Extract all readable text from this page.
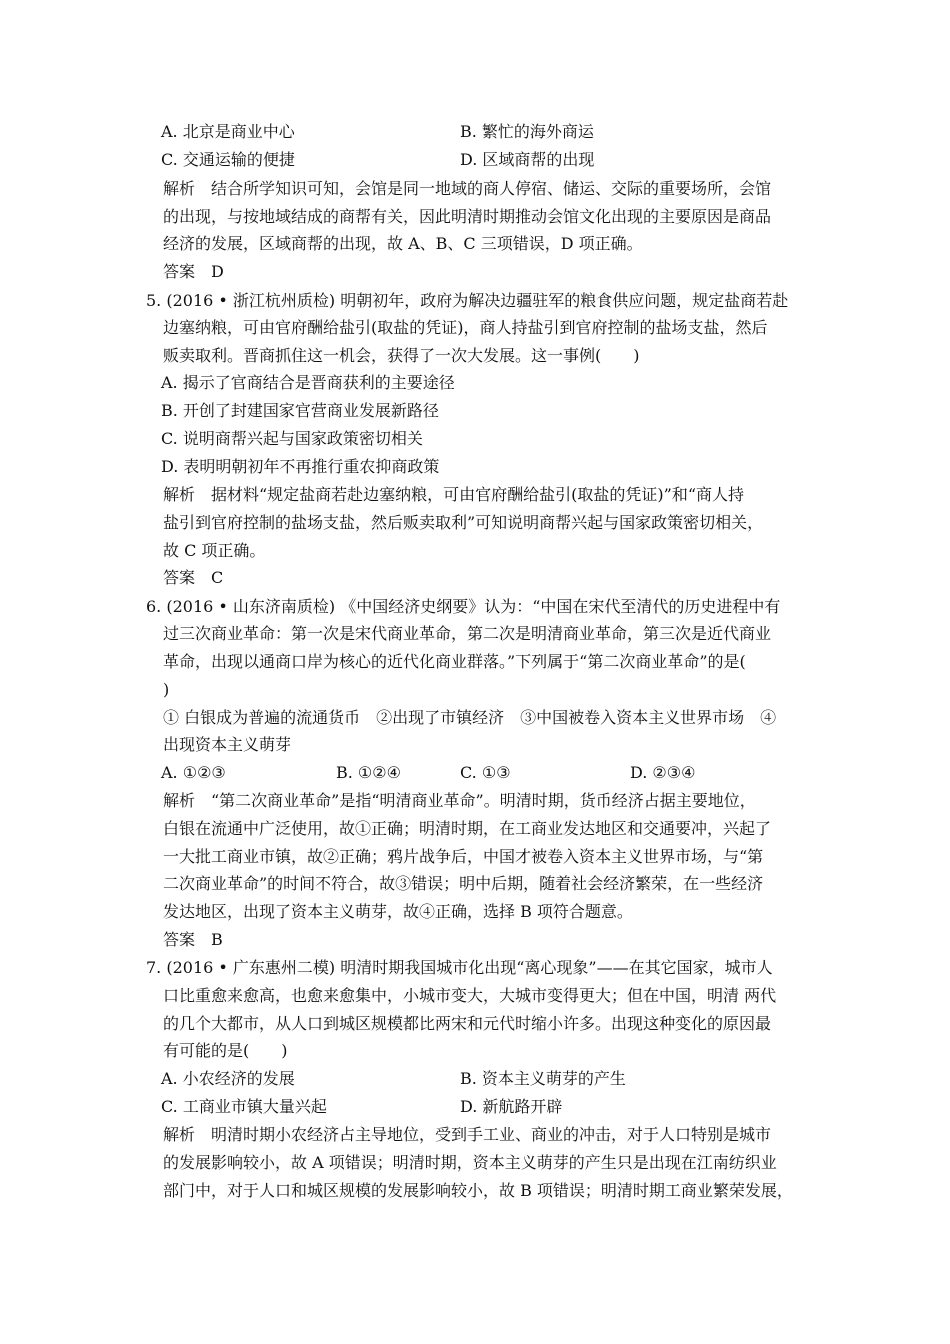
A. 北京是商业中心	B. 繁忙的海外商运
C. 交通运输的便捷	D. 区域商帮的出现
解析　结合所学知识可知，会馆是同一地域的商人停宿、储运、交际的重要场所，会馆
的出现，与按地域结成的商帮有关，因此明清时期推动会馆文化出现的主要原因是商品
经济的发展，区域商帮的出现，故 A、B、C 三项错误，D 项正确。
答案　D
5. (2016 • 浙江杭州质检) 明朝初年，政府为解决边疆驻军的粮食供应问题，规定盐商若赴
边塞纳粮，可由官府酬给盐引(取盐的凭证)，商人持盐引到官府控制的盐场支盐，然后
贩卖取利。晋商抓住这一机会，获得了一次大发展。这一事例(　　)
A. 揭示了官商结合是晋商获利的主要途径
B. 开创了封建国家官营商业发展新路径
C. 说明商帮兴起与国家政策密切相关
D. 表明明朝初年不再推行重农抑商政策
解析　据材料“规定盐商若赴边塞纳粮，可由官府酬给盐引(取盐的凭证)”和“商人持
盐引到官府控制的盐场支盐，然后贩卖取利”可知说明商帮兴起与国家政策密切相关，
故 C 项正确。
答案　C
6. (2016 • 山东济南质检) 《中国经济史纲要》认为：“中国在宋代至清代的历史进程中有
过三次商业革命：第一次是宋代商业革命，第二次是明清商业革命，第三次是近代商业
革命，出现以通商口岸为核心的近代化商业群落。”下列属于“第二次商业革命”的是(
)
① 白银成为普遍的流通货币　②出现了市镇经济　③中国被卷入资本主义世界市场　④
出现资本主义萌芽
A. ①②③	B. ①②④	C. ①③	D. ②③④
解析　“第二次商业革命”是指“明清商业革命”。明清时期，货币经济占据主要地位，
白银在流通中广泛使用，故①正确；明清时期，在工商业发达地区和交通要冲，兴起了
一大批工商业市镇，故②正确；鸦片战争后，中国才被卷入资本主义世界市场，与“第
二次商业革命”的时间不符合，故③错误；明中后期，随着社会经济繁荣，在一些经济
发达地区，出现了资本主义萌芽，故④正确，选择 B 项符合题意。
答案　B
7. (2016 • 广东惠州二模) 明清时期我国城市化出现“离心现象”——在其它国家，城市人
口比重愈来愈高，也愈来愈集中，小城市变大，大城市变得更大；但在中国，明清 两代
的几个大都市，从人口到城区规模都比两宋和元代时缩小许多。出现这种变化的原因最
有可能的是(　　)
A. 小农经济的发展	B. 资本主义萌芽的产生
C. 工商业市镇大量兴起	D. 新航路开辟
解析　明清时期小农经济占主导地位，受到手工业、商业的冲击，对于人口特别是城市
的发展影响较小，故 A 项错误；明清时期，资本主义萌芽的产生只是出现在江南纺织业
部门中，对于人口和城区规模的发展影响较小，故 B 项错误；明清时期工商业繁荣发展，
